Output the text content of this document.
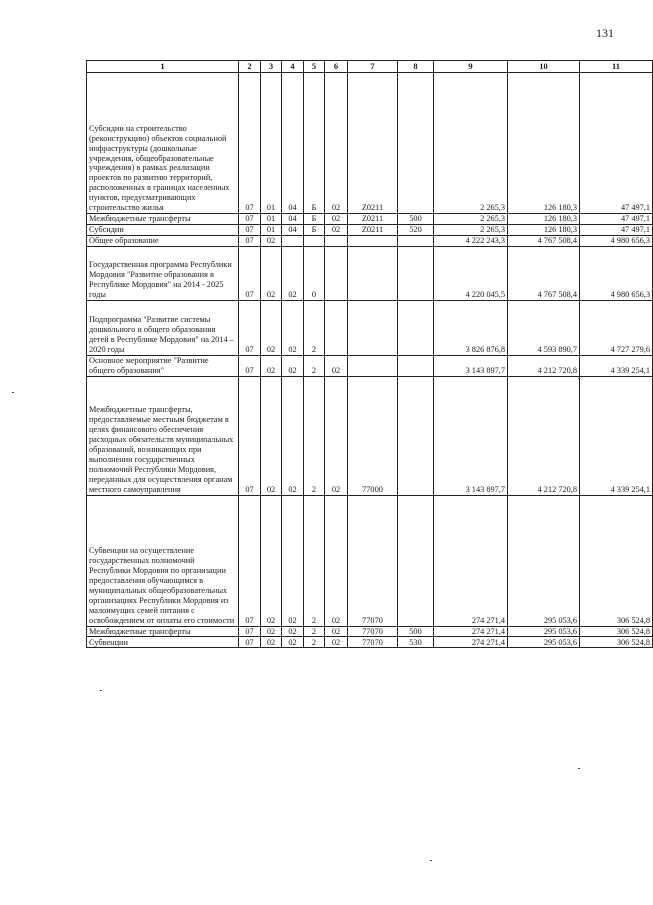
131
1	2	3	4	5	6	7	8	9	10	11
Субсидии на строительство (реконструкцию) объектов социальной инфраструктуры (дошкольные учреждения, общеобразовательные учреждения) в рамках реализации проектов по развитию территорий, расположенных в границах населенных пунктов, предусматривающих строительство жилья	07	01	04	Б	02	Z0211		2 265,3	126 180,3	47 497,1
Межбюджетные трансферты	07	01	04	Б	02	Z0211	500	2 265,3	126 180,3	47 497,1
Субсидии	07	01	04	Б	02	Z0211	520	2 265,3	126 180,3	47 497,1
Общее образование	07	02						4 222 243,3	4 767 508,4	4 980 656,3
Государственная программа Республики Мордовия "Развитие образования в Республике Мордовия" на 2014 - 2025 годы	07	02	02	0				4 220 045,5	4 767 508,4	4 980 656,3
Подпрограмма "Развитие системы дошкольного и общего образования детей в Республике Мордовия" на 2014 – 2020 годы	07	02	02	2				3 826 876,8	4 593 890,7	4 727 279,6
Основное мероприятие "Развитие общего образования"	07	02	02	2	02			3 143 897,7	4 212 720,8	4 339 254,1
Межбюджетные трансферты, предоставляемые местным бюджетам в целях финансового обеспечения расходных обязательств муниципальных образований, возникающих при выполнении государственных полномочий Республики Мордовия, переданных для осуществления органам местного самоуправления	07	02	02	2	02	77000		3 143 897,7	4 212 720,8	4 339 254,1
Субвенции на осуществление государственных полномочий Республики Мордовия по организации предоставления обучающимся в муниципальных общеобразовательных организациях Республики Мордовия из малоимущих семей питания с освобождением от оплаты его стоимости	07	02	02	2	02	77070		274 271,4	295 053,6	306 524,8
Межбюджетные трансферты	07	02	02	2	02	77070	500	274 271,4	295 053,6	306 524,8
Субвенции	07	02	02	2	02	77070	530	274 271,4	295 053,6	306 524,8
